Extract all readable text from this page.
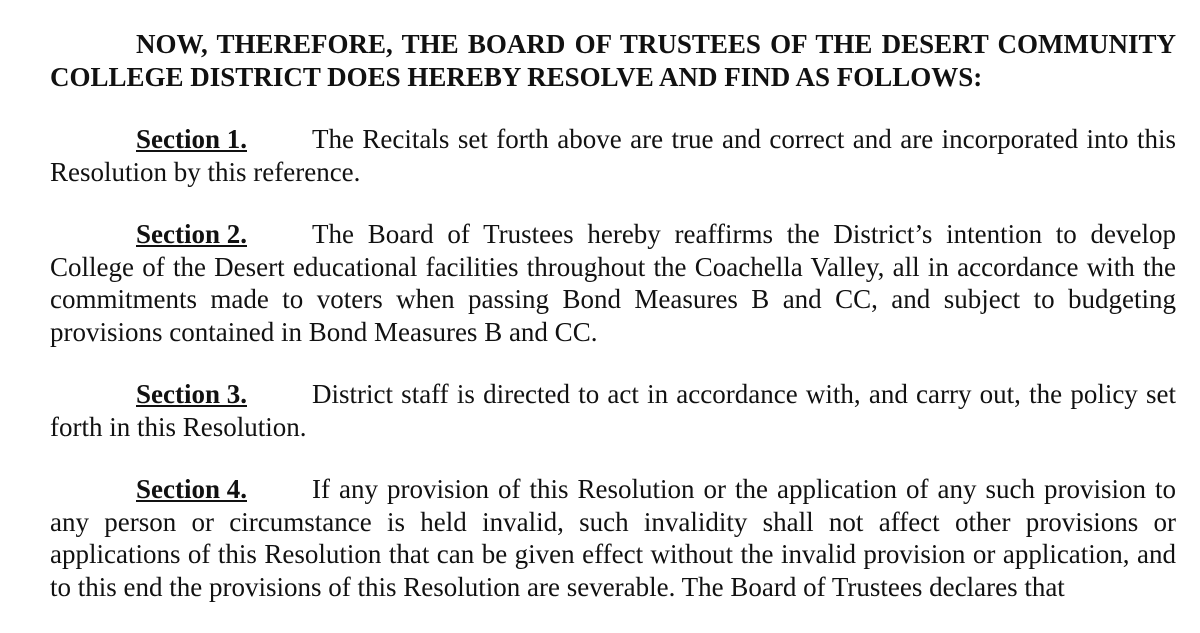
NOW, THEREFORE, THE BOARD OF TRUSTEES OF THE DESERT COMMUNITY COLLEGE DISTRICT DOES HEREBY RESOLVE AND FIND AS FOLLOWS:

Section 1. The Recitals set forth above are true and correct and are incorporated into this Resolution by this reference.

Section 2. The Board of Trustees hereby reaffirms the District’s intention to develop College of the Desert educational facilities throughout the Coachella Valley, all in accordance with the commitments made to voters when passing Bond Measures B and CC, and subject to budgeting provisions contained in Bond Measures B and CC.

Section 3. District staff is directed to act in accordance with, and carry out, the policy set forth in this Resolution.

Section 4. If any provision of this Resolution or the application of any such provision to any person or circumstance is held invalid, such invalidity shall not affect other provisions or applications of this Resolution that can be given effect without the invalid provision or application, and to this end the provisions of this Resolution are severable. The Board of Trustees declares that
